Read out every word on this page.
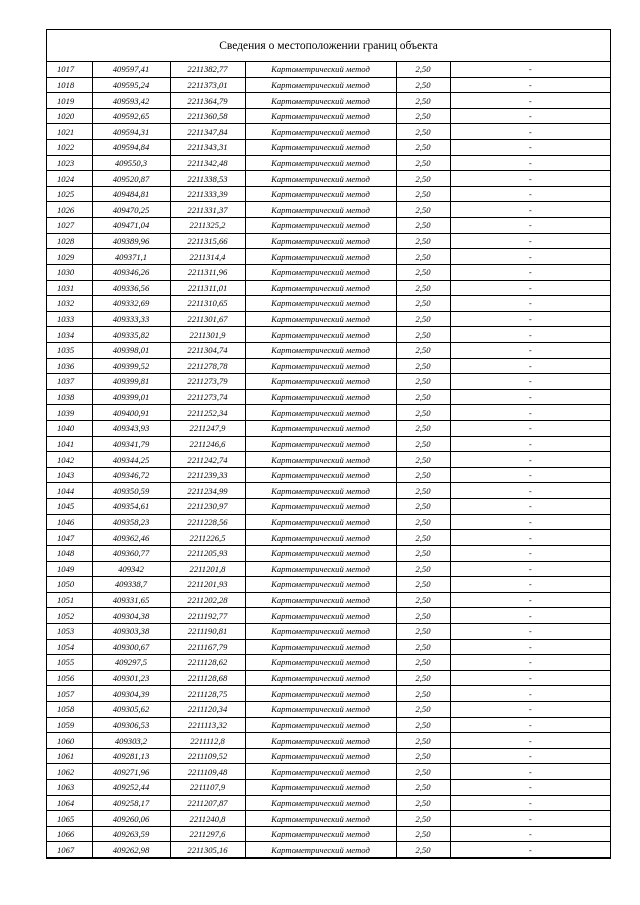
Сведения о местоположении границ объекта
1017	409597,41	2211382,77	Картометрический метод	2,50	-
1018	409595,24	2211373,01	Картометрический метод	2,50	-
1019	409593,42	2211364,79	Картометрический метод	2,50	-
1020	409592,65	2211360,58	Картометрический метод	2,50	-
1021	409594,31	2211347,84	Картометрический метод	2,50	-
1022	409594,84	2211343,31	Картометрический метод	2,50	-
1023	409550,3	2211342,48	Картометрический метод	2,50	-
1024	409520,87	2211338,53	Картометрический метод	2,50	-
1025	409484,81	2211333,39	Картометрический метод	2,50	-
1026	409470,25	2211331,37	Картометрический метод	2,50	-
1027	409471,04	2211325,2	Картометрический метод	2,50	-
1028	409389,96	2211315,66	Картометрический метод	2,50	-
1029	409371,1	2211314,4	Картометрический метод	2,50	-
1030	409346,26	2211311,96	Картометрический метод	2,50	-
1031	409336,56	2211311,01	Картометрический метод	2,50	-
1032	409332,69	2211310,65	Картометрический метод	2,50	-
1033	409333,33	2211301,67	Картометрический метод	2,50	-
1034	409335,82	2211301,9	Картометрический метод	2,50	-
1035	409398,01	2211304,74	Картометрический метод	2,50	-
1036	409399,52	2211278,78	Картометрический метод	2,50	-
1037	409399,81	2211273,79	Картометрический метод	2,50	-
1038	409399,01	2211273,74	Картометрический метод	2,50	-
1039	409400,91	2211252,34	Картометрический метод	2,50	-
1040	409343,93	2211247,9	Картометрический метод	2,50	-
1041	409341,79	2211246,6	Картометрический метод	2,50	-
1042	409344,25	2211242,74	Картометрический метод	2,50	-
1043	409346,72	2211239,33	Картометрический метод	2,50	-
1044	409350,59	2211234,99	Картометрический метод	2,50	-
1045	409354,61	2211230,97	Картометрический метод	2,50	-
1046	409358,23	2211228,56	Картометрический метод	2,50	-
1047	409362,46	2211226,5	Картометрический метод	2,50	-
1048	409360,77	2211205,93	Картометрический метод	2,50	-
1049	409342	2211201,8	Картометрический метод	2,50	-
1050	409338,7	2211201,93	Картометрический метод	2,50	-
1051	409331,65	2211202,28	Картометрический метод	2,50	-
1052	409304,38	2211192,77	Картометрический метод	2,50	-
1053	409303,38	2211190,81	Картометрический метод	2,50	-
1054	409300,67	2211167,79	Картометрический метод	2,50	-
1055	409297,5	2211128,62	Картометрический метод	2,50	-
1056	409301,23	2211128,68	Картометрический метод	2,50	-
1057	409304,39	2211128,75	Картометрический метод	2,50	-
1058	409305,62	2211120,34	Картометрический метод	2,50	-
1059	409306,53	2211113,32	Картометрический метод	2,50	-
1060	409303,2	2211112,8	Картометрический метод	2,50	-
1061	409281,13	2211109,52	Картометрический метод	2,50	-
1062	409271,96	2211109,48	Картометрический метод	2,50	-
1063	409252,44	2211107,9	Картометрический метод	2,50	-
1064	409258,17	2211207,87	Картометрический метод	2,50	-
1065	409260,06	2211240,8	Картометрический метод	2,50	-
1066	409263,59	2211297,6	Картометрический метод	2,50	-
1067	409262,98	2211305,16	Картометрический метод	2,50	-
